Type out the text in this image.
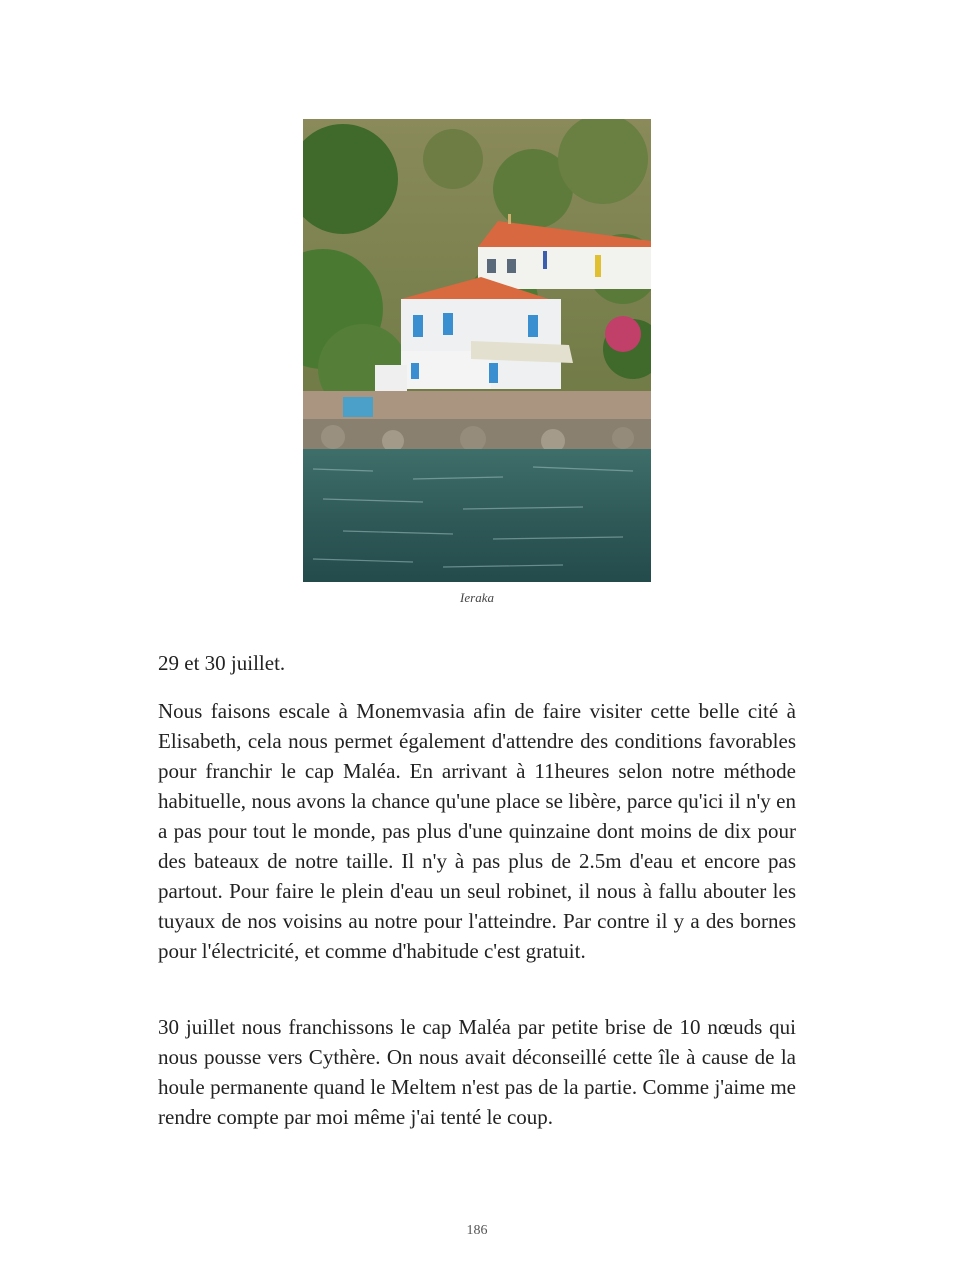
Ieraka
29 et 30 juillet.
Nous faisons escale à Monemvasia afin de faire visiter cette belle cité à Elisabeth, cela nous permet également d'attendre des conditions favorables pour franchir le cap Maléa. En arrivant à 11heures selon notre méthode habituelle, nous avons la chance qu'une place se libère, parce qu'ici il n'y en a pas pour tout le monde, pas plus d'une quinzaine dont moins de dix pour des bateaux de notre taille. Il n'y à pas plus de 2.5m d'eau et encore pas partout. Pour faire le plein d'eau un seul robinet, il nous à fallu abouter les tuyaux de nos voisins au notre pour l'atteindre. Par contre il y a des bornes pour l'électricité, et comme d'habitude c'est gratuit.
30 juillet nous franchissons le cap Maléa par petite brise de 10 nœuds qui nous pousse vers Cythère. On nous avait déconseillé cette île à cause de la houle permanente quand le Meltem n'est pas de la partie. Comme j'aime me rendre compte par moi même j'ai tenté le coup.
186
